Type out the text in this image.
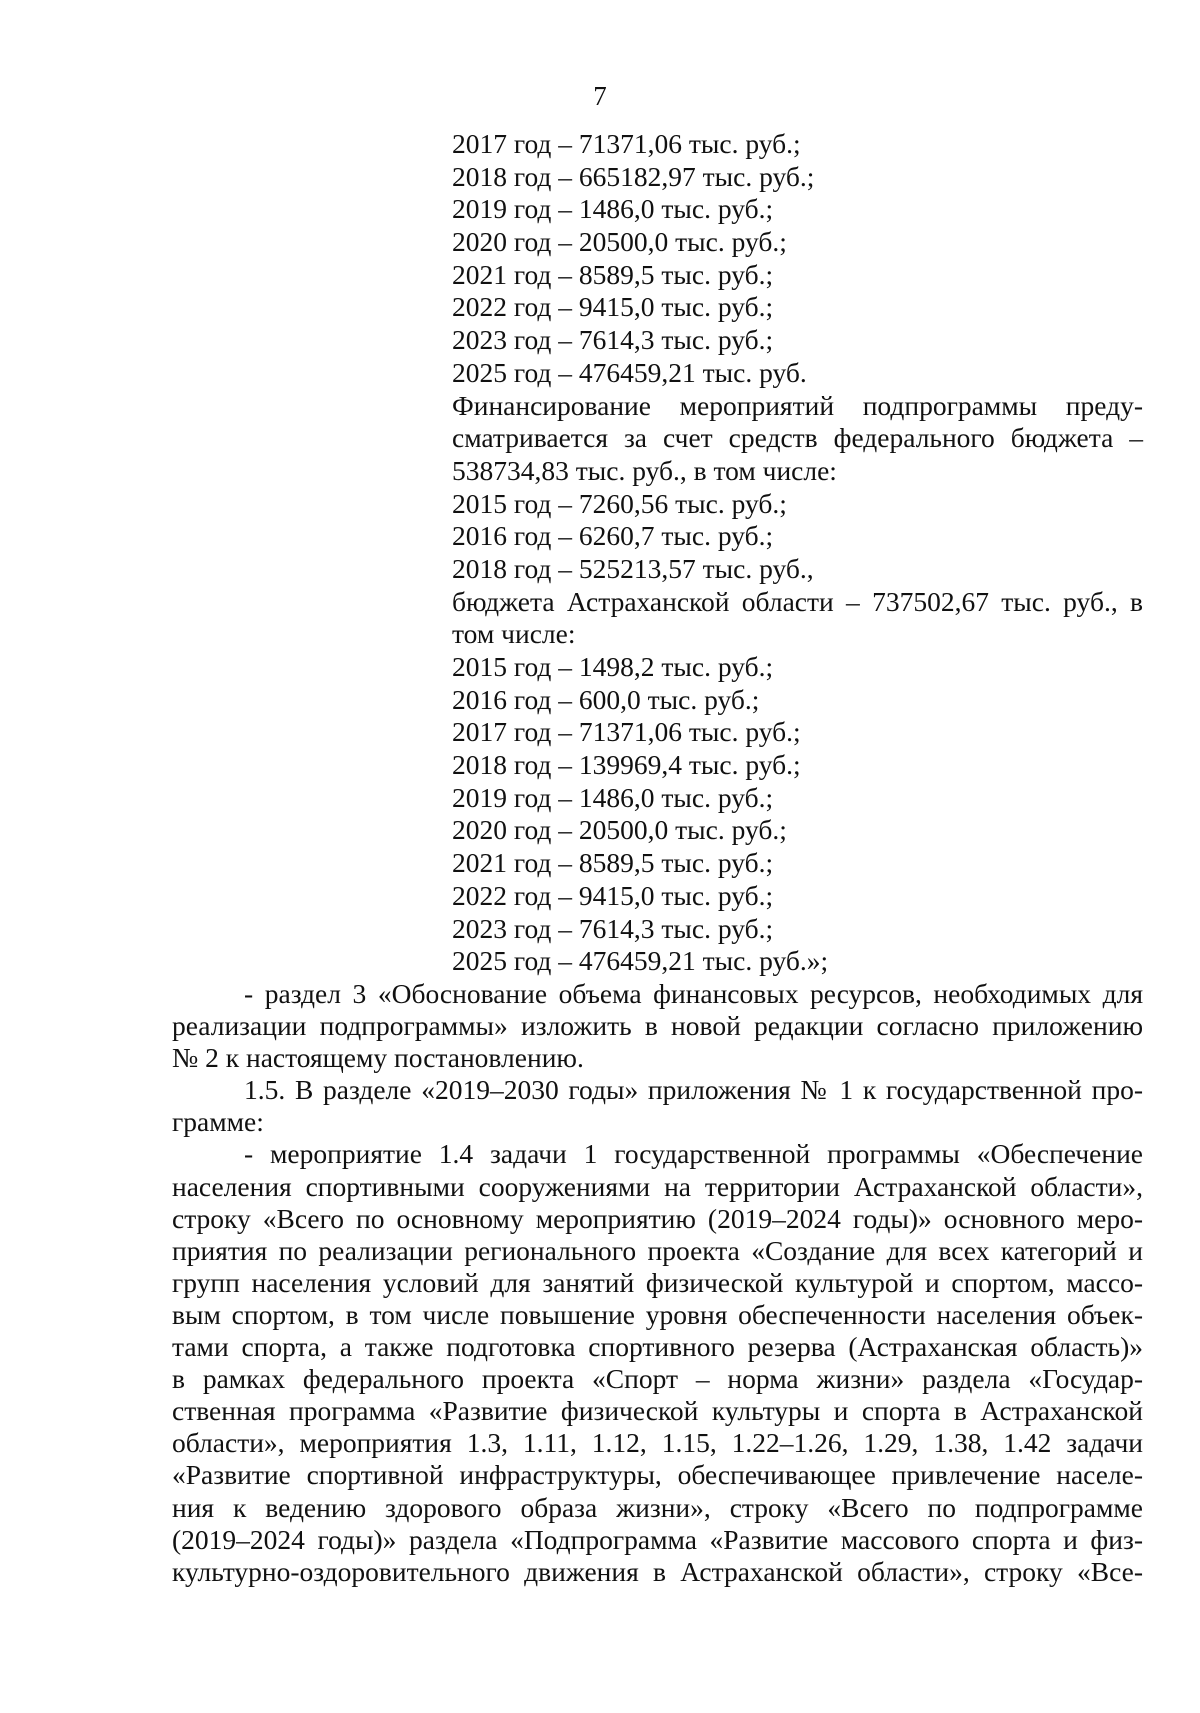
7
2017 год – 71371,06 тыс. руб.;
2018 год – 665182,97 тыс. руб.;
2019 год – 1486,0 тыс. руб.;
2020 год – 20500,0 тыс. руб.;
2021 год – 8589,5 тыс. руб.;
2022 год – 9415,0 тыс. руб.;
2023 год – 7614,3 тыс. руб.;
2025 год – 476459,21 тыс. руб.
Финансирование мероприятий подпрограммы преду-
сматривается за счет средств федерального бюджета –
538734,83 тыс. руб., в том числе:
2015 год – 7260,56 тыс. руб.;
2016 год – 6260,7 тыс. руб.;
2018 год – 525213,57 тыс. руб.,
бюджета Астраханской области – 737502,67 тыс. руб., в
том числе:
2015 год – 1498,2 тыс. руб.;
2016 год – 600,0 тыс. руб.;
2017 год – 71371,06 тыс. руб.;
2018 год – 139969,4 тыс. руб.;
2019 год – 1486,0 тыс. руб.;
2020 год – 20500,0 тыс. руб.;
2021 год – 8589,5 тыс. руб.;
2022 год – 9415,0 тыс. руб.;
2023 год – 7614,3 тыс. руб.;
2025 год – 476459,21 тыс. руб.»;
- раздел 3 «Обоснование объема финансовых ресурсов, необходимых для
реализации подпрограммы» изложить в новой редакции согласно приложению
№ 2 к настоящему постановлению.
1.5. В разделе «2019–2030 годы» приложения № 1 к государственной про-
грамме:
- мероприятие 1.4 задачи 1 государственной программы «Обеспечение
населения спортивными сооружениями на территории Астраханской области»,
строку «Всего по основному мероприятию (2019–2024 годы)» основного меро-
приятия по реализации регионального проекта «Создание для всех категорий и
групп населения условий для занятий физической культурой и спортом, массо-
вым спортом, в том числе повышение уровня обеспеченности населения объек-
тами спорта, а также подготовка спортивного резерва (Астраханская область)»
в рамках федерального проекта «Спорт – норма жизни» раздела «Государ-
ственная программа «Развитие физической культуры и спорта в Астраханской
области», мероприятия 1.3, 1.11, 1.12, 1.15, 1.22–1.26, 1.29, 1.38, 1.42 задачи
«Развитие спортивной инфраструктуры, обеспечивающее привлечение населе-
ния к ведению здорового образа жизни», строку «Всего по подпрограмме
(2019–2024 годы)» раздела «Подпрограмма «Развитие массового спорта и физ-
культурно-оздоровительного движения в Астраханской области», строку «Все-
